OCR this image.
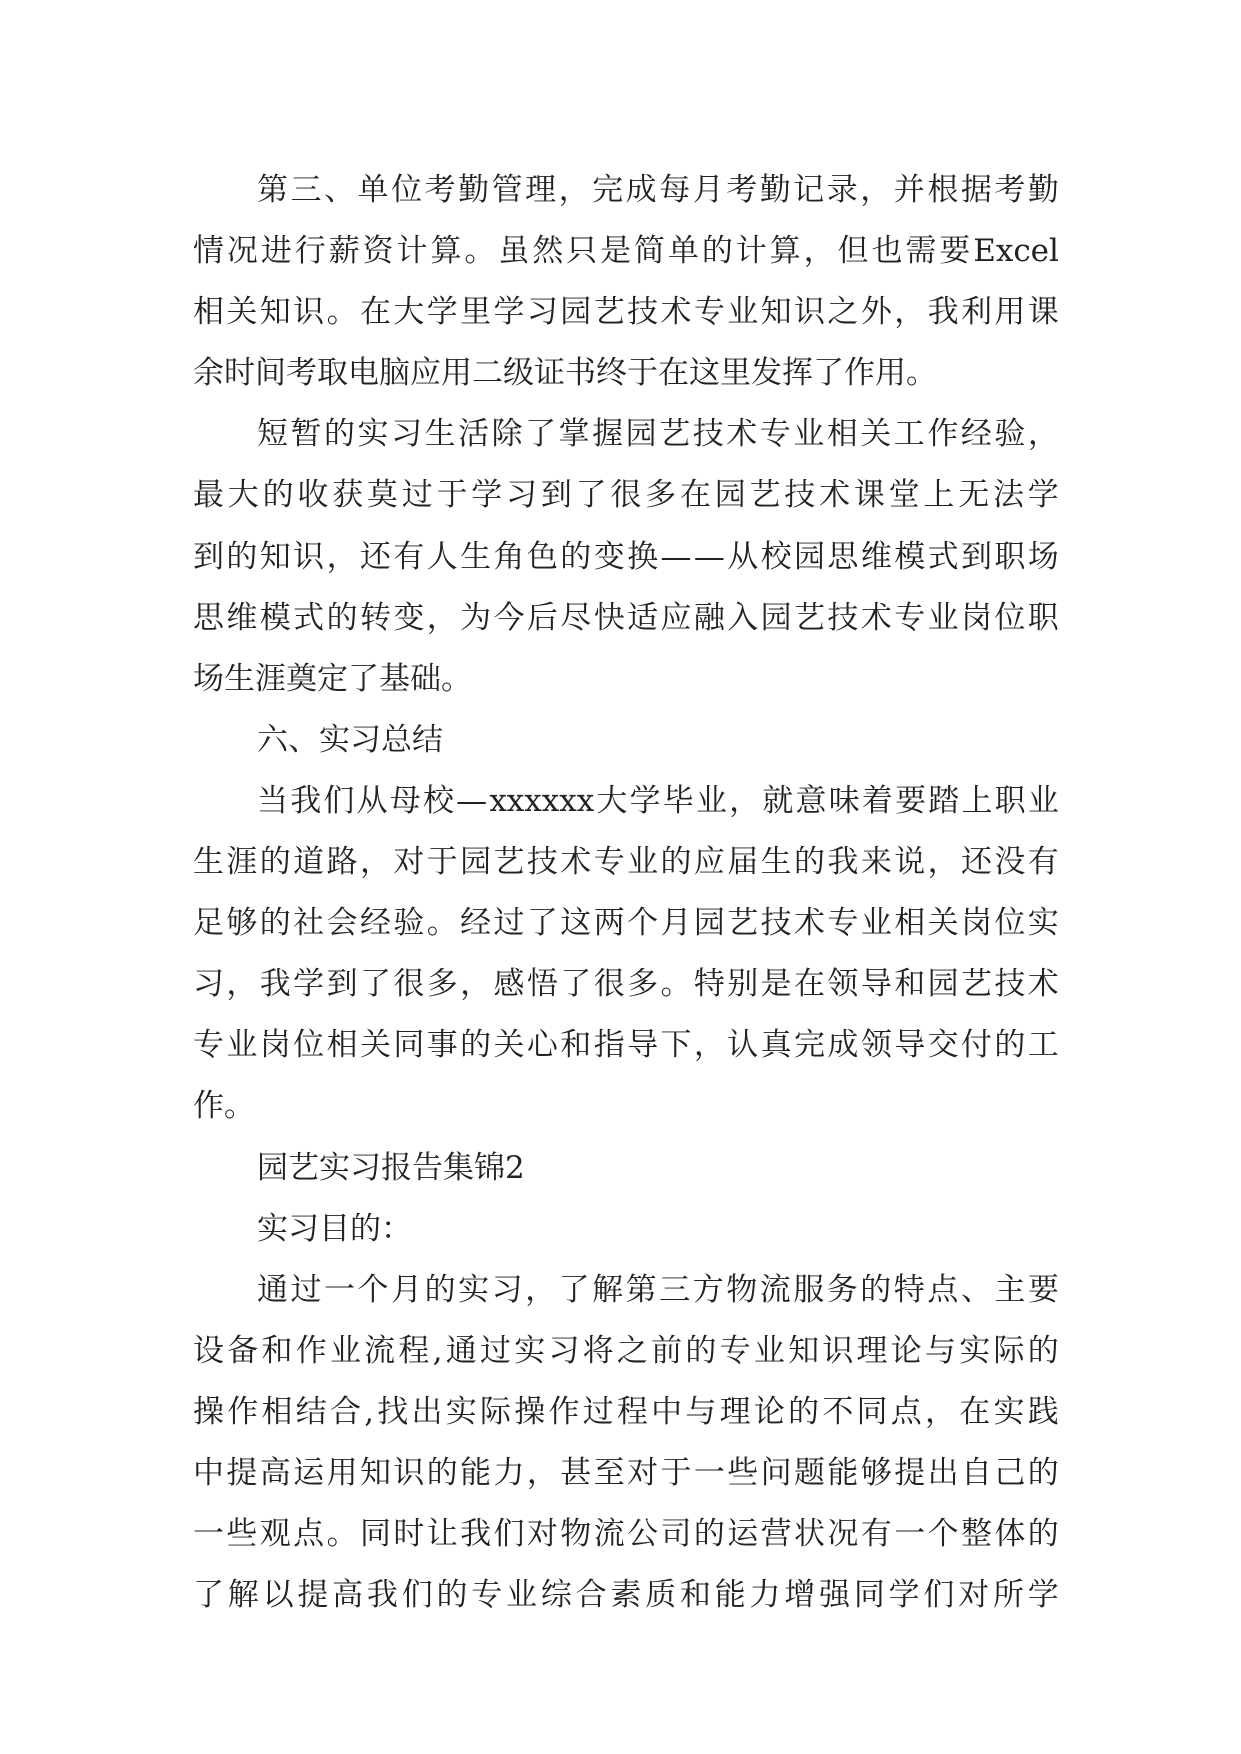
第 三 、 单 位 考 勤 管 理 ， 完 成 每 月 考 勤 记 录 ， 并 根 据 考 勤
情 况 进 行 薪 资 计 算 。 虽 然 只 是 简 单 的 计 算 ， 但 也 需 要 Excel
相 关 知 识 。 在 大 学 里 学 习 园 艺 技 术 专 业 知 识 之 外 ， 我 利 用 课
余时间考取电脑应用二级证书终于在这里发挥了作用。
短 暂 的 实 习 生 活 除 了 掌 握 园 艺 技 术 专 业 相 关 工 作 经 验 ，
最 大 的 收 获 莫 过 于 学 习 到 了 很 多 在 园 艺 技 术 课 堂 上 无 法 学
到 的 知 识 ， 还 有 人 生 角 色 的 变 换 — — 从 校 园 思 维 模 式 到 职 场
思 维 模 式 的 转 变 ， 为 今 后 尽 快 适 应 融 入 园 艺 技 术 专 业 岗 位 职
场生涯奠定了基础。
六、实习总结
当 我 们 从 母 校 — xxxxxx 大 学 毕 业 ， 就 意 味 着 要 踏 上 职 业
生 涯 的 道 路 ， 对 于 园 艺 技 术 专 业 的 应 届 生 的 我 来 说 ， 还 没 有
足 够 的 社 会 经 验 。 经 过 了 这 两 个 月 园 艺 技 术 专 业 相 关 岗 位 实
习 ， 我 学 到 了 很 多 ， 感 悟 了 很 多 。 特 别 是 在 领 导 和 园 艺 技 术
专 业 岗 位 相 关 同 事 的 关 心 和 指 导 下 ， 认 真 完 成 领 导 交 付 的 工
作。
园艺实习报告集锦2
实习目的：
通 过 一 个 月 的 实 习 ， 了 解 第 三 方 物 流 服 务 的 特 点 、 主 要
设 备 和 作 业 流 程 , 通 过 实 习 将 之 前 的 专 业 知 识 理 论 与 实 际 的
操 作 相 结 合 , 找 出 实 际 操 作 过 程 中 与 理 论 的 不 同 点 ， 在 实 践
中 提 高 运 用 知 识 的 能 力 ， 甚 至 对 于 一 些 问 题 能 够 提 出 自 己 的
一 些 观 点 。 同 时 让 我 们 对 物 流 公 司 的 运 营 状 况 有 一 个 整 体 的
了 解 以 提 高 我 们 的 专 业 综 合 素 质 和 能 力 增 强 同 学 们 对 所 学
